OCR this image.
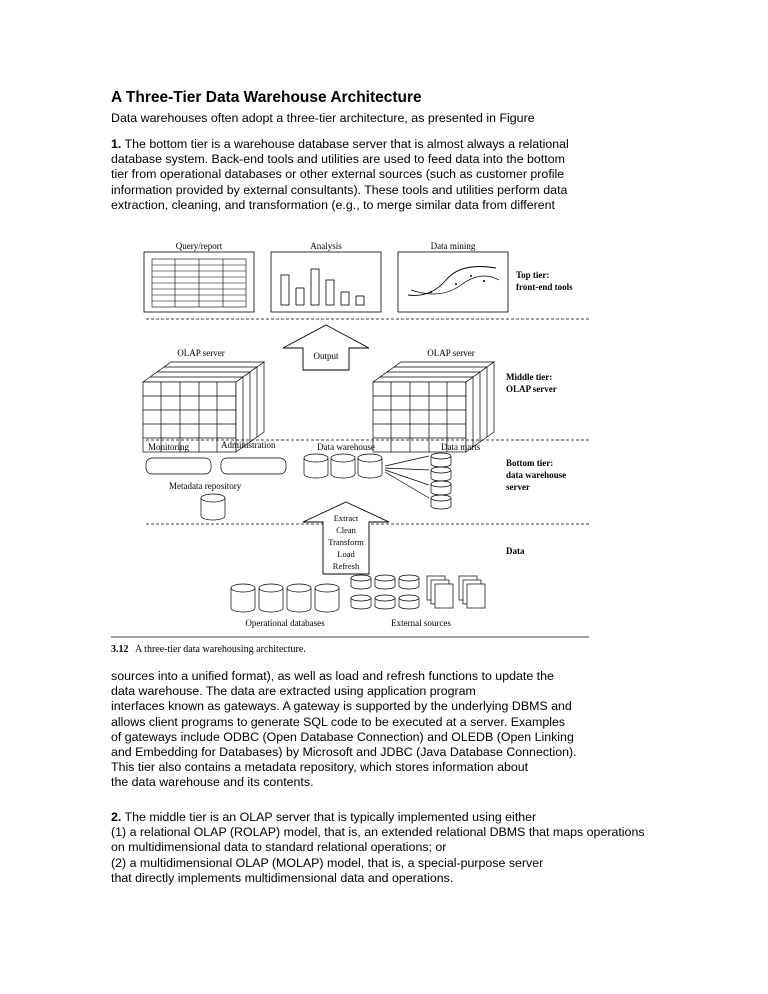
A Three-Tier Data Warehouse Architecture

Data warehouses often adopt a three-tier architecture, as presented in Figure

1. The bottom tier is a warehouse database server that is almost always a relational
database system. Back-end tools and utilities are used to feed data into the bottom
tier from operational databases or other external sources (such as customer profile
information provided by external consultants). These tools and utilities perform data
extraction, cleaning, and transformation (e.g., to merge similar data from different

Query/report	Analysis	Data mining
Top tier:
front-end tools
Output
OLAP server	OLAP server
Middle tier:
OLAP server
Monitoring	Administration	Data warehouse	Data marts
Bottom tier:
data warehouse
server
Metadata repository
Extract
Clean
Transform
Load
Refresh
Data
Operational databases	External sources
3.12 A three-tier data warehousing architecture.

sources into a unified format), as well as load and refresh functions to update the
data warehouse. The data are extracted using application program
interfaces known as gateways. A gateway is supported by the underlying DBMS and
allows client programs to generate SQL code to be executed at a server. Examples
of gateways include ODBC (Open Database Connection) and OLEDB (Open Linking
and Embedding for Databases) by Microsoft and JDBC (Java Database Connection).
This tier also contains a metadata repository, which stores information about
the data warehouse and its contents.

2. The middle tier is an OLAP server that is typically implemented using either
(1) a relational OLAP (ROLAP) model, that is, an extended relational DBMS that maps operations
on multidimensional data to standard relational operations; or
(2) a multidimensional OLAP (MOLAP) model, that is, a special-purpose server
that directly implements multidimensional data and operations.
